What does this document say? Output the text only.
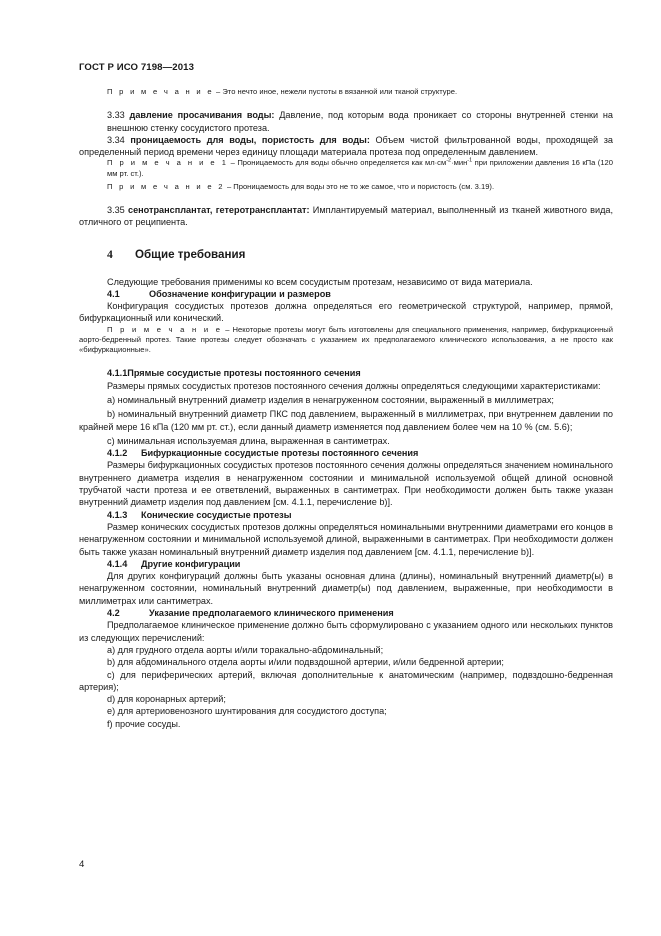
ГОСТ Р ИСО 7198—2013

П р и м е ч а н и е – Это нечто иное, нежели пустоты в вязанной или тканой структуре.

3.33 давление просачивания воды: Давление, под которым вода проникает со стороны внутренней стенки на внешнюю стенку сосудистого протеза.

3.34 проницаемость для воды, пористость для воды: Объем чистой фильтрованной воды, проходящей за определенный период времени через единицу площади материала протеза под определенным давлением.

П р и м е ч а н и е 1 – Проницаемость для воды обычно определяется как $мл\cdot см^{-2}\cdot мин^{-1}$ при приложении давления 16 кПа (120 мм рт. ст.).

П р и м е ч а н и е 2 – Проницаемость для воды это не то же самое, что и пористость (см. 3.19).

3.35 сенотрансплантат, гетеротрансплантат: Имплантируемый материал, выполненный из тканей животного вида, отличного от реципиента.

4 Общие требования

Следующие требования применимы ко всем сосудистым протезам, независимо от вида материала.

4.1	Обозначение конфигурации и размеров

Конфигурация сосудистых протезов должна определяться его геометрической структурой, например, прямой, бифуркационный или конический.

П р и м е ч а н и е – Некоторые протезы могут быть изготовлены для специального применения, например, бифуркационный аорто-бедренный протез. Такие протезы следует обозначать с указанием их предполагаемого клинического использования, а не просто как «бифуркационные».

4.1.1Прямые сосудистые протезы постоянного сечения

Размеры прямых сосудистых протезов постоянного сечения должны определяться следующими характеристиками:

a) номинальный внутренний диаметр изделия в ненагруженном состоянии, выраженный в миллиметрах;

b) номинальный внутренний диаметр ПКС под давлением, выраженный в миллиметрах, при внутреннем давлении по крайней мере 16 кПа (120 мм рт. ст.), если данный диаметр изменяется под давлением более чем на 10 % (см. 5.6);

c) минимальная используемая длина, выраженная в сантиметрах.

4.1.2 Бифуркационные сосудистые протезы постоянного сечения

Размеры бифуркационных сосудистых протезов постоянного сечения должны определяться значением номинального внутреннего диаметра изделия в ненагруженном состоянии и минимальной используемой общей длиной основной трубчатой части протеза и ее ответвлений, выраженных в сантиметрах. При необходимости должен быть также указан внутренний диаметр изделия под давлением [см. 4.1.1, перечисление b)].

4.1.3 Конические сосудистые протезы

Размер конических сосудистых протезов должны определяться номинальными внутренними диаметрами его концов в ненагруженном состоянии и минимальной используемой длиной, выраженными в сантиметрах. При необходимости должен быть также указан номинальный внутренний диаметр изделия под давлением [см. 4.1.1, перечисление b)].

4.1.4 Другие конфигурации

Для других конфигураций должны быть указаны основная длина (длины), номинальный внутренний диаметр(ы) в ненагруженном состоянии, номинальный внутренний диаметр(ы) под давлением, выраженные, при необходимости в миллиметрах или сантиметрах.

4.2	Указание предполагаемого клинического применения

Предполагаемое клиническое применение должно быть сформулировано с указанием одного или нескольких пунктов из следующих перечислений:

a) для грудного отдела аорты и/или торакально-абдоминальный;

b) для абдоминального отдела аорты и/или подвздошной артерии, и/или бедренной артерии;

c) для периферических артерий, включая дополнительные к анатомическим (например, подвздошно-бедренная артерия);

d) для коронарных артерий;

e) для артериовенозного шунтирования для сосудистого доступа;

f) прочие сосуды.

4
